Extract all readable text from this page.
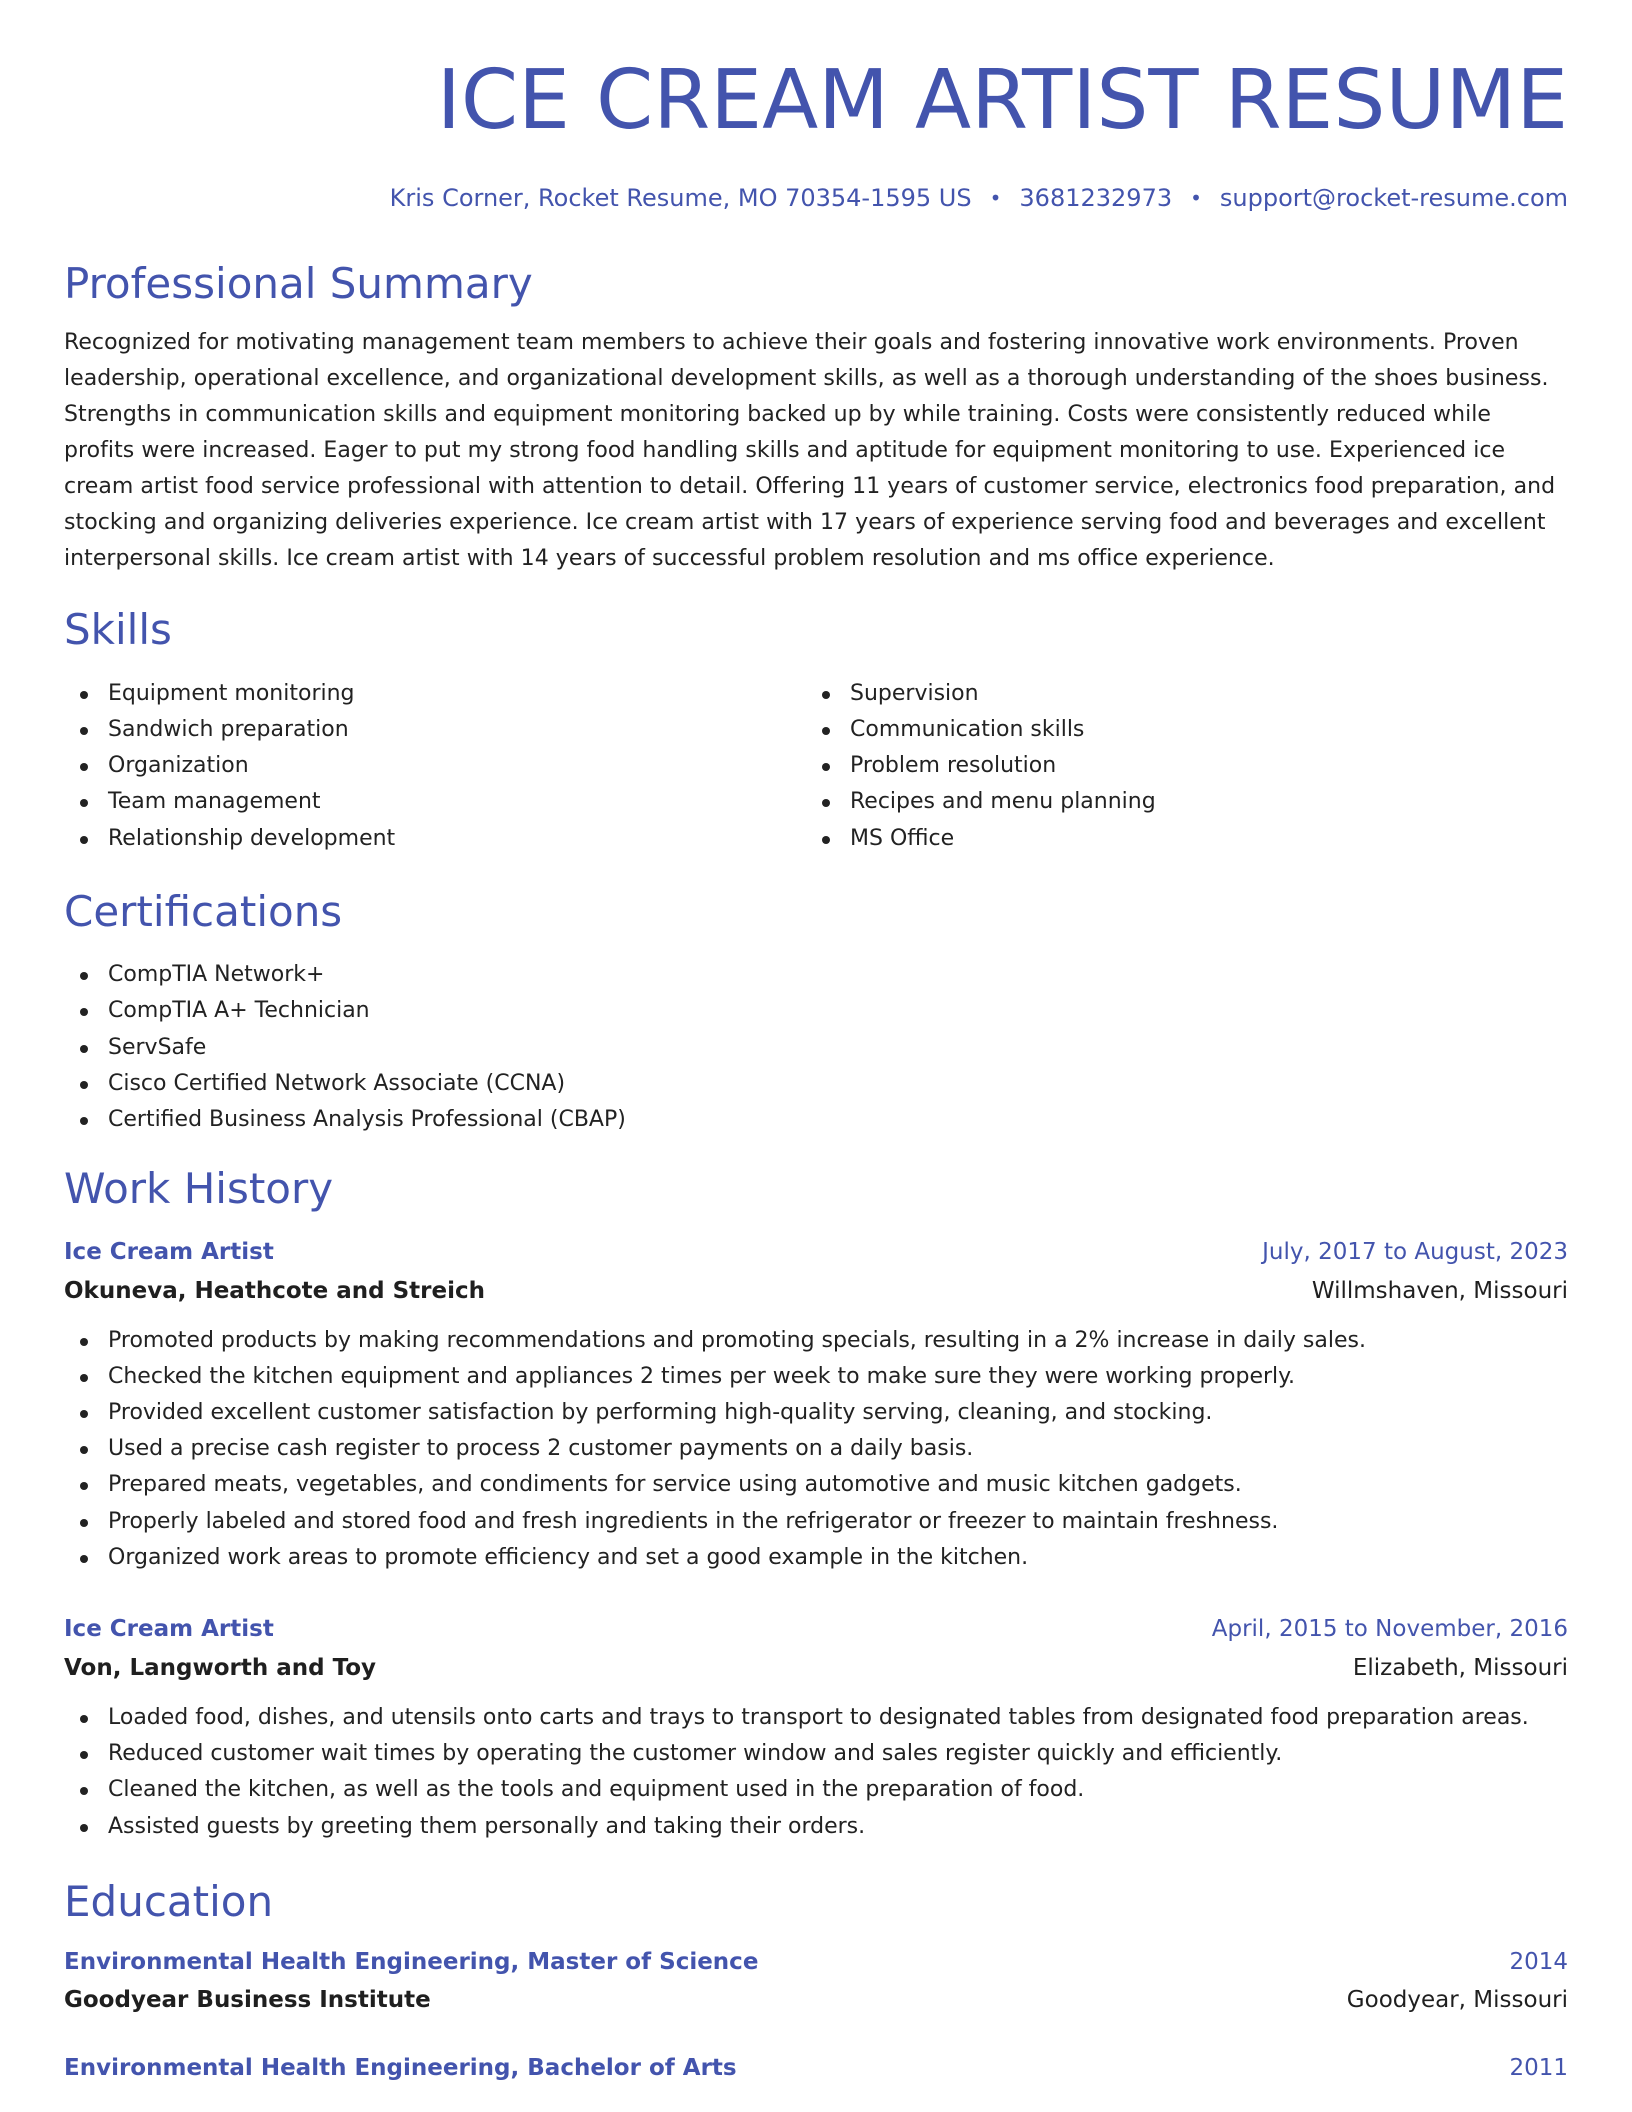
ICE CREAM ARTIST RESUME
Kris Corner, Rocket Resume, MO 70354-1595 US • 3681232973 • support@rocket-resume.com
Professional Summary

Recognized for motivating management team members to achieve their goals and fostering innovative work environments. Proven leadership, operational excellence, and organizational development skills, as well as a thorough understanding of the shoes business. Strengths in communication skills and equipment monitoring backed up by while training. Costs were consistently reduced while profits were increased. Eager to put my strong food handling skills and aptitude for equipment monitoring to use. Experienced ice cream artist food service professional with attention to detail. Offering 11 years of customer service, electronics food preparation, and stocking and organizing deliveries experience. Ice cream artist with 17 years of experience serving food and beverages and excellent interpersonal skills. Ice cream artist with 14 years of successful problem resolution and ms office experience.

Skills
Equipment monitoring
Sandwich preparation
Organization
Team management
Relationship development
Supervision
Communication skills
Problem resolution
Recipes and menu planning
MS Office
Certifications
CompTIA Network+
CompTIA A+ Technician
ServSafe
Cisco Certified Network Associate (CCNA)
Certified Business Analysis Professional (CBAP)
Work History
Ice Cream Artist	July, 2017 to August, 2023
Okuneva, Heathcote and Streich	Willmshaven, Missouri
Promoted products by making recommendations and promoting specials, resulting in a 2% increase in daily sales.
Checked the kitchen equipment and appliances 2 times per week to make sure they were working properly.
Provided excellent customer satisfaction by performing high-quality serving, cleaning, and stocking.
Used a precise cash register to process 2 customer payments on a daily basis.
Prepared meats, vegetables, and condiments for service using automotive and music kitchen gadgets.
Properly labeled and stored food and fresh ingredients in the refrigerator or freezer to maintain freshness.
Organized work areas to promote efficiency and set a good example in the kitchen.
Ice Cream Artist	April, 2015 to November, 2016
Von, Langworth and Toy	Elizabeth, Missouri
Loaded food, dishes, and utensils onto carts and trays to transport to designated tables from designated food preparation areas.
Reduced customer wait times by operating the customer window and sales register quickly and efficiently.
Cleaned the kitchen, as well as the tools and equipment used in the preparation of food.
Assisted guests by greeting them personally and taking their orders.
Education
Environmental Health Engineering, Master of Science	2014
Goodyear Business Institute	Goodyear, Missouri
Environmental Health Engineering, Bachelor of Arts	2011
